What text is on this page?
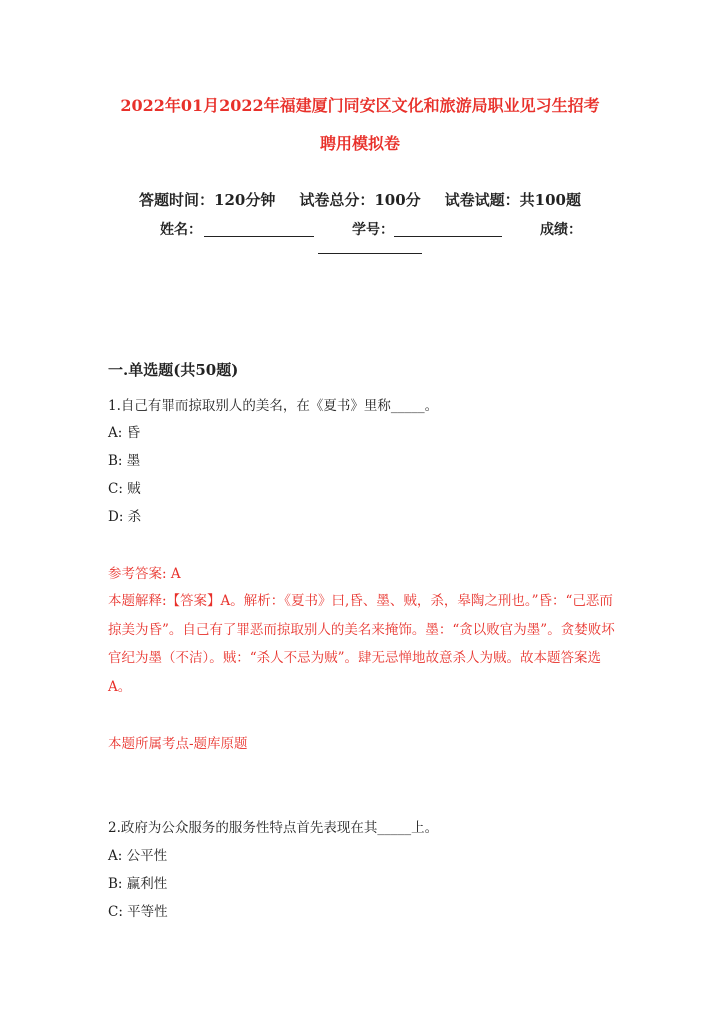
2022年01月2022年福建厦门同安区文化和旅游局职业见习生招考
聘用模拟卷
答题时间：120分钟 试卷总分：100分 试卷试题：共100题
姓名：	学号：	成绩：
一.单选题(共50题)
1.自己有罪而掠取别人的美名，在《夏书》里称_____。
A: 昏
B: 墨
C: 贼
D: 杀
参考答案: A
本题解释:【答案】A。解析：《夏书》曰,昏、墨、贼，杀，皋陶之刑也。”昏：“己恶而掠美为昏”。自己有了罪恶而掠取别人的美名来掩饰。墨：“贪以败官为墨”。贪婪败坏官纪为墨（不洁）。贼：“杀人不忌为贼”。肆无忌惮地故意杀人为贼。故本题答案选A。
本题所属考点-题库原题
2.政府为公众服务的服务性特点首先表现在其_____上。
A: 公平性
B: 赢利性
C: 平等性
